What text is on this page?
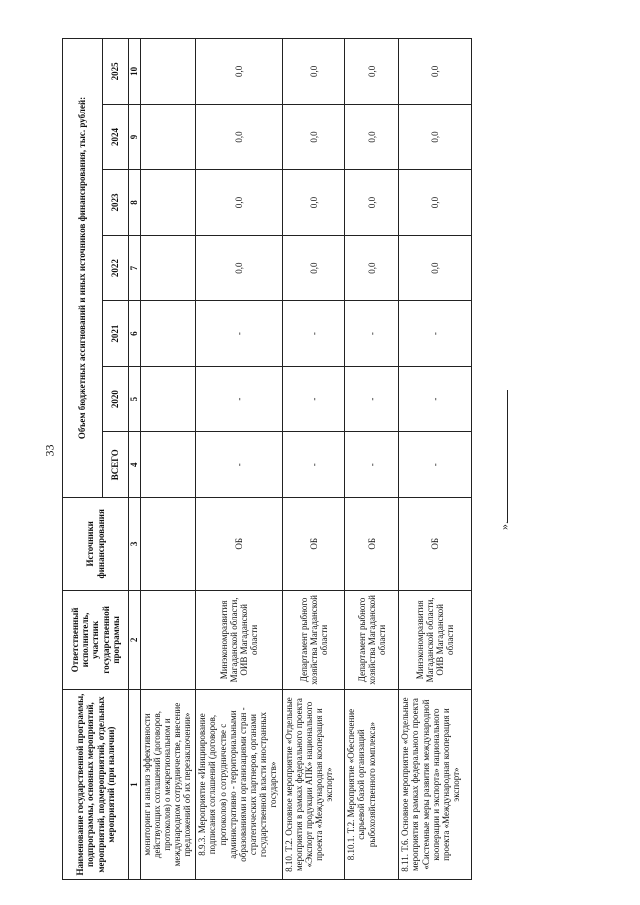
33
Наименование государственной программы, подпрограммы, основных мероприятий, мероприятий, подмероприятий, отдельных мероприятий (при наличии)	Ответственный исполнитель, участник государственной программы	Источники финансирования	Объем бюджетных ассигнований и иных источников финансирования, тыс. рублей:						
			ВСЕГО	2020	2021	2022	2023	2024	2025
1	2	3	4	5	6	7	8	9	10
мониторинг и анализ эффективности действующих соглашений (договоров, протоколов) о межрегиональном и международном сотрудничестве, внесение предложений об их перезаключении»									
8.9.3. Мероприятие «Инициирование подписания соглашений (договоров, протоколов) о сотрудничестве с административно - территориальными образованиями и организациями стран - стратегических партнеров, органами государственной власти иностранных государств»	Минэкономразвития Магаданской области, ОИВ Магаданской области	ОБ	-	-	-	0,0	0,0	0,0	0,0
8.10. Т.2. Основное мероприятие «Отдельные мероприятия в рамках федерального проекта «Экспорт продукции АПК» национального проекта «Международная кооперация и экспорт»	Департамент рыбного хозяйства Магаданской области	ОБ	-	-	-	0,0	0,0	0,0	0,0
8.10.1. Т.2. Мероприятие «Обеспечение сырьевой базой организаций рыбохозяйственного комплекса»	Департамент рыбного хозяйства Магаданской области	ОБ	-	-	-	0,0	0,0	0,0	0,0
8.11. Т.6. Основное мероприятие «Отдельные мероприятия в рамках федерального проекта «Системные меры развития международной кооперации и экспорта» национального проекта «Международная кооперация и экспорт»	Минэкономразвития Магаданской области, ОИВ Магаданской области	ОБ	-	-	-	0,0	0,0	0,0	0,0
».
